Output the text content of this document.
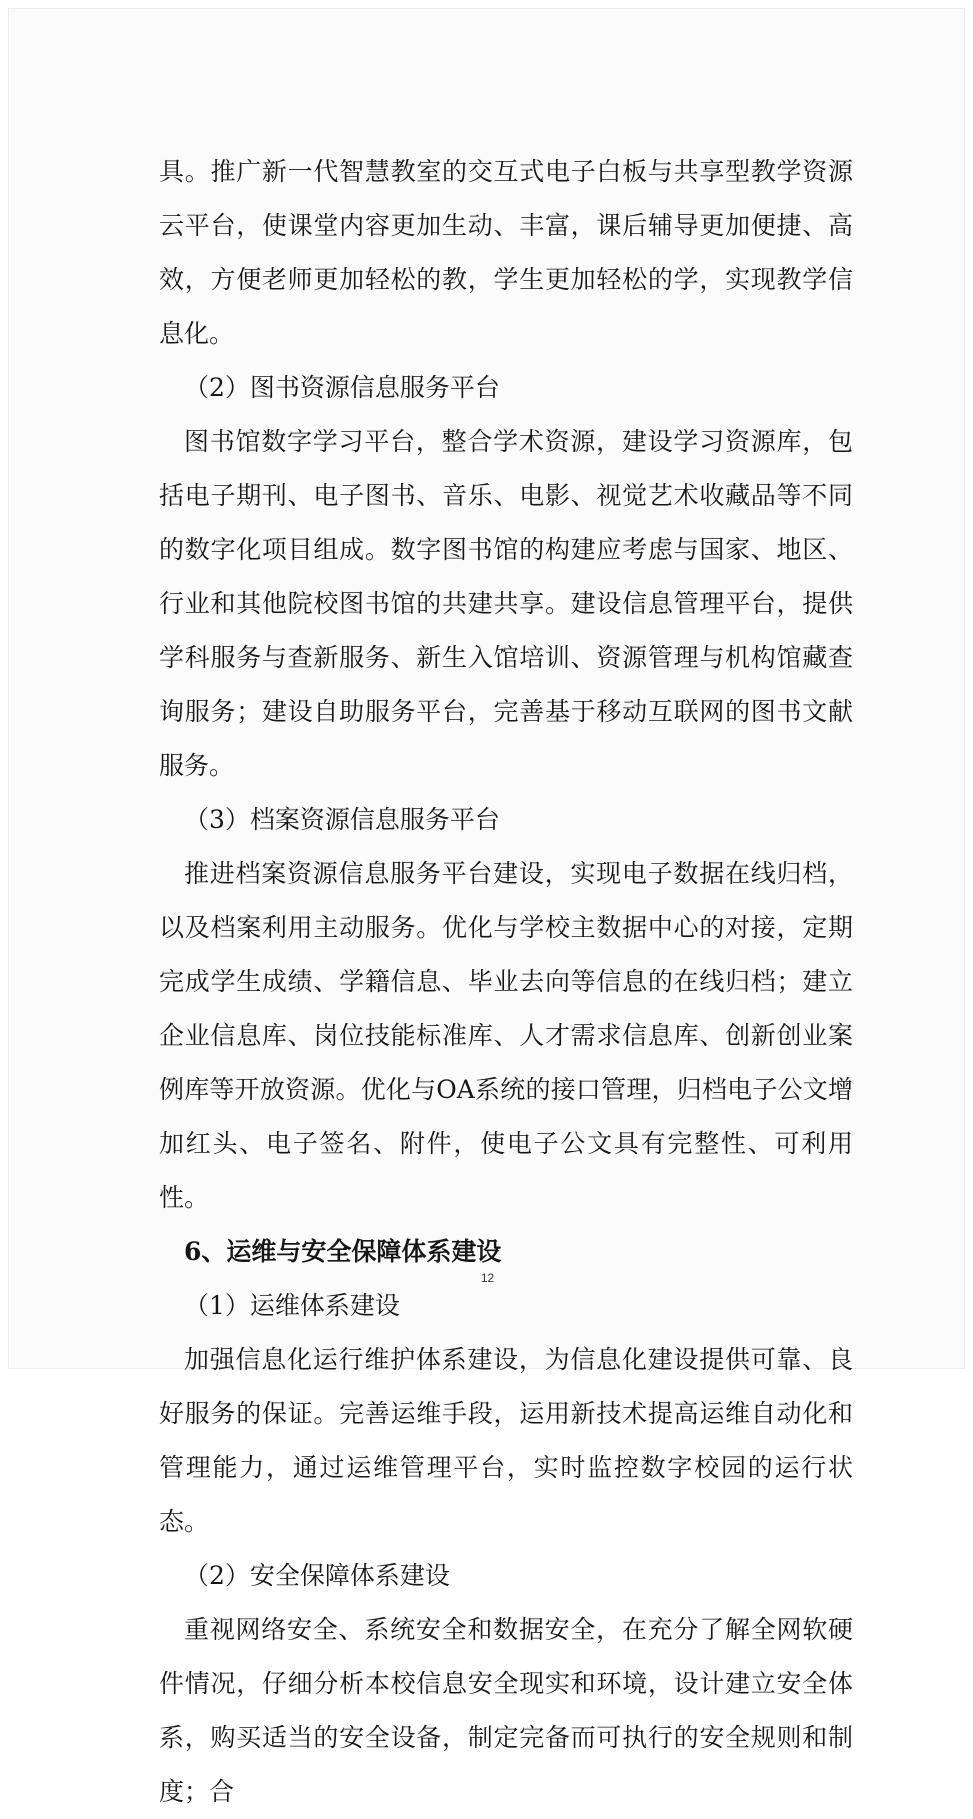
具。推广新一代智慧教室的交互式电子白板与共享型教学资源云平台，使课堂内容更加生动、丰富，课后辅导更加便捷、高效，方便老师更加轻松的教，学生更加轻松的学，实现教学信息化。

（2）图书资源信息服务平台

图书馆数字学习平台，整合学术资源，建设学习资源库，包括电子期刊、电子图书、音乐、电影、视觉艺术收藏品等不同的数字化项目组成。数字图书馆的构建应考虑与国家、地区、行业和其他院校图书馆的共建共享。建设信息管理平台，提供学科服务与查新服务、新生入馆培训、资源管理与机构馆藏查询服务；建设自助服务平台，完善基于移动互联网的图书文献服务。

（3）档案资源信息服务平台

推进档案资源信息服务平台建设，实现电子数据在线归档，以及档案利用主动服务。优化与学校主数据中心的对接，定期完成学生成绩、学籍信息、毕业去向等信息的在线归档；建立企业信息库、岗位技能标准库、人才需求信息库、创新创业案例库等开放资源。优化与OA系统的接口管理，归档电子公文增加红头、电子签名、附件，使电子公文具有完整性、可利用性。

6、运维与安全保障体系建设

（1）运维体系建设

加强信息化运行维护体系建设，为信息化建设提供可靠、良好服务的保证。完善运维手段，运用新技术提高运维自动化和管理能力，通过运维管理平台，实时监控数字校园的运行状态。

（2）安全保障体系建设

重视网络安全、系统安全和数据安全，在充分了解全网软硬件情况，仔细分析本校信息安全现实和环境，设计建立安全体系，购买适当的安全设备，制定完备而可执行的安全规则和制度；合

12
